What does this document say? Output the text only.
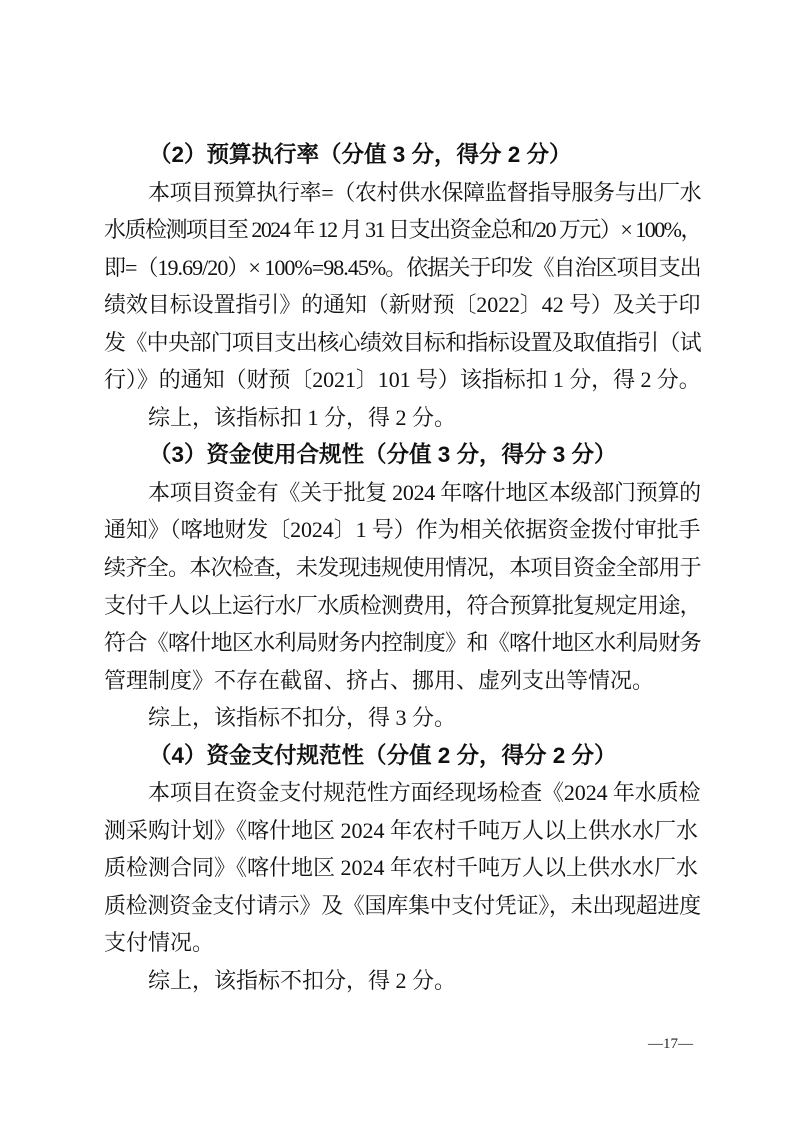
（2）预算执行率（分值 3 分，得分 2 分）
本项目预算执行率=（农村供水保障监督指导服务与出厂水
水质检测项目至 2024 年 12 月 31 日支出资金总和/20 万元）× 100%，
即=（19.69/20）× 100%=98.45%。依据关于印发《自治区项目支出
绩效目标设置指引》的通知（新财预〔2022〕42 号）及关于印
发《中央部门项目支出核心绩效目标和指标设置及取值指引（试
行）》的通知（财预〔2021〕101 号）该指标扣 1 分，得 2 分。
综上，该指标扣 1 分，得 2 分。
（3）资金使用合规性（分值 3 分，得分 3 分）
本项目资金有《关于批复 2024 年喀什地区本级部门预算的
通知》（喀地财发〔2024〕1 号）作为相关依据资金拨付审批手
续齐全。本次检查，未发现违规使用情况，本项目资金全部用于
支付千人以上运行水厂水质检测费用，符合预算批复规定用途，
符合《喀什地区水利局财务内控制度》和《喀什地区水利局财务
管理制度》不存在截留、挤占、挪用、虚列支出等情况。
综上，该指标不扣分，得 3 分。
（4）资金支付规范性（分值 2 分，得分 2 分）
本项目在资金支付规范性方面经现场检查《2024 年水质检
测采购计划》《喀什地区 2024 年农村千吨万人以上供水水厂水
质检测合同》《喀什地区 2024 年农村千吨万人以上供水水厂水
质检测资金支付请示》及《国库集中支付凭证》，未出现超进度
支付情况。
综上，该指标不扣分，得 2 分。
—17—
